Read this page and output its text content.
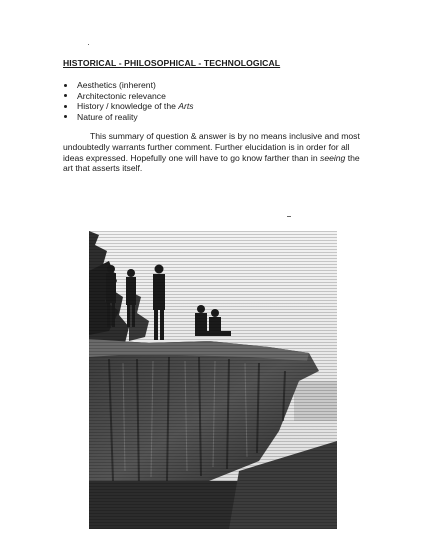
HISTORICAL - PHILOSOPHICAL - TECHNOLOGICAL
Aesthetics (inherent)
Architectonic relevance
History / knowledge of the Arts
Nature of reality

This summary of question & answer is by no means inclusive and most
undoubtedly warrants further comment. Further elucidation is in order for all
ideas expressed. Hopefully one will have to go know farther than in seeing the
art that asserts itself.
